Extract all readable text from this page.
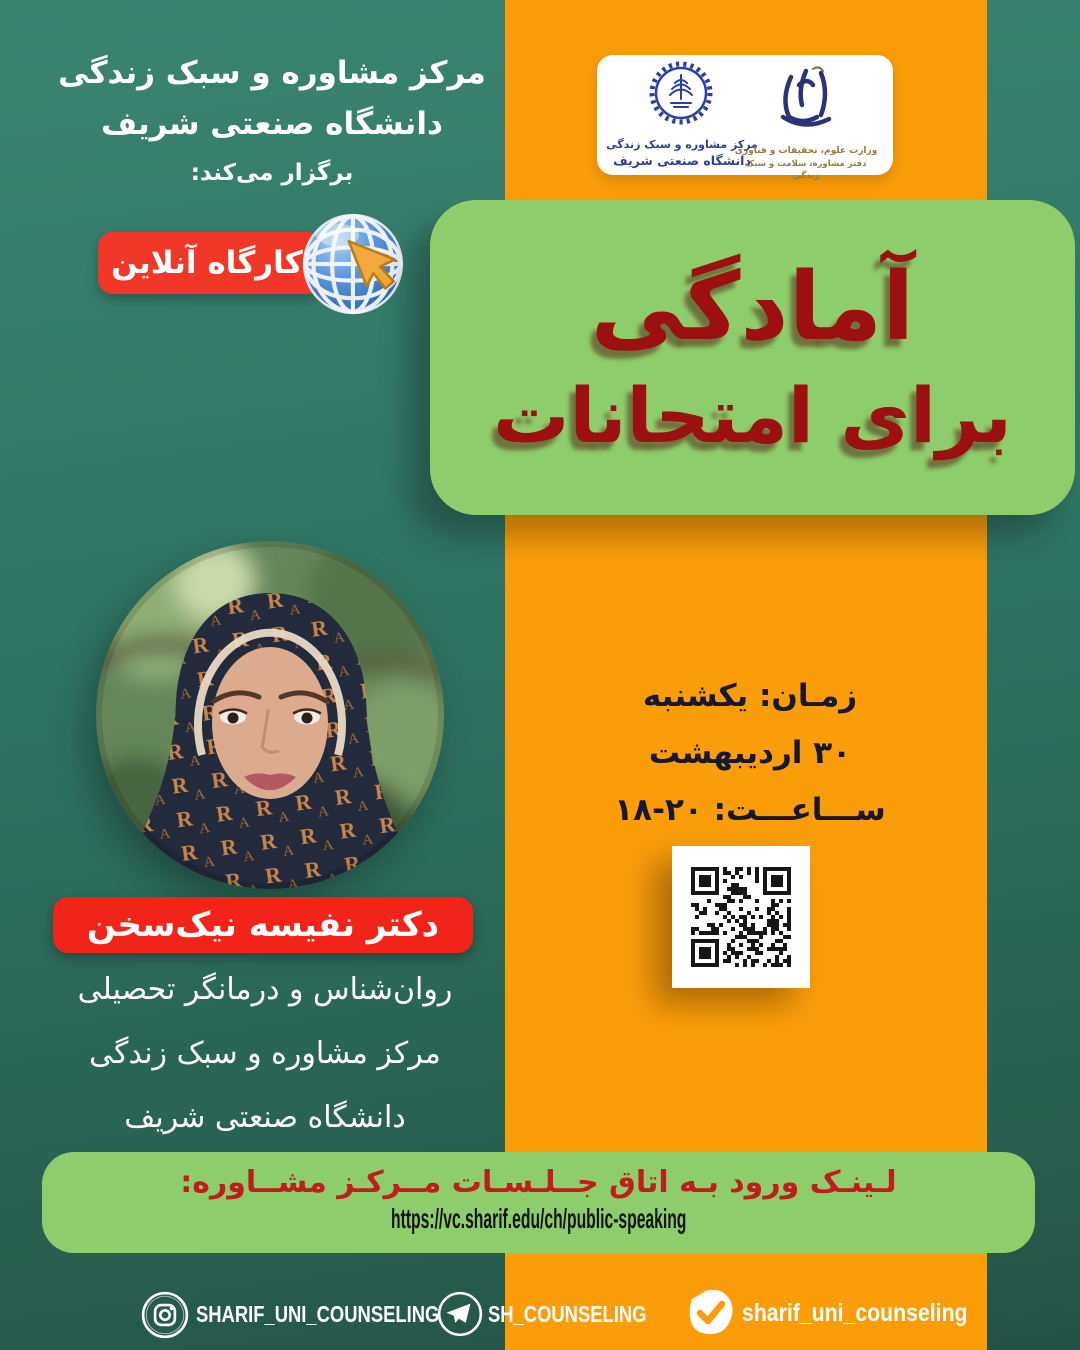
مرکز مشاوره و سبک زندگی
دانشگاه صنعتی شریف
برگزار می‌کند:
کارگاه آنلاین
مرکز مشاوره و سبک زندگی
دانشگاه صنعتی شریف
وزارت علوم، تحقیقات و فناوری
دفتر مشاوره، سلامت و سبک زندگی
آمادگی
برای امتحانات
زمـان: یکشنبه
۳۰ اردیبهشت
ســـاعـــت: ۲۰-۱۸
دکتر نفیسه نیک‌سخن
روان‌شناس و درمانگر تحصیلی
مرکز مشاوره و سبک زندگی
دانشگاه صنعتی شریف
لـینـک ورود بـه اتاق جــلـسـات مــرکـز مشــاوره:
https://vc.sharif.edu/ch/public-speaking
SHARIF_UNI_COUNSELING SH_COUNSELING	sharif_uni_counseling
